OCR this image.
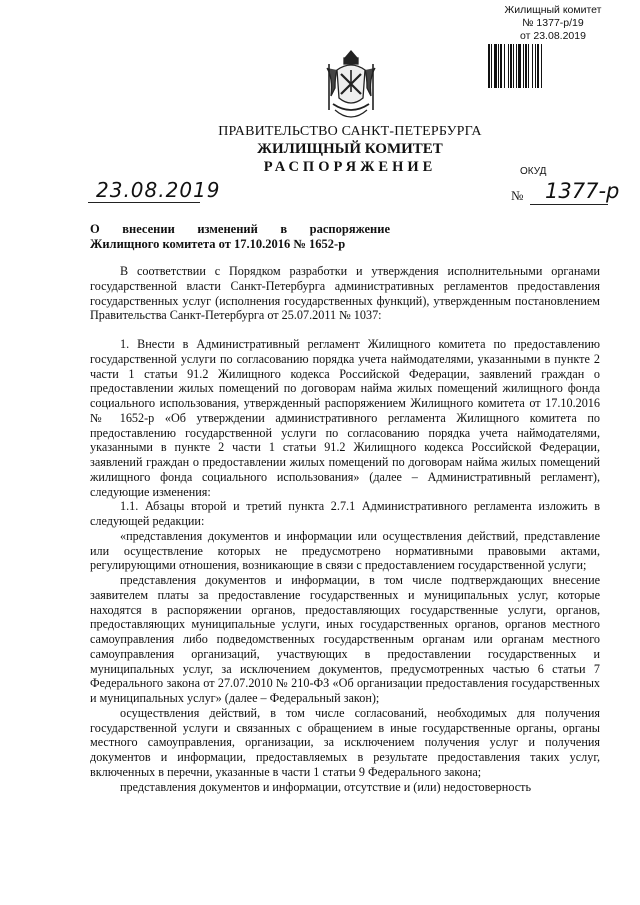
Жилищный комитет
№ 1377-р/19
от 23.08.2019
ПРАВИТЕЛЬСТВО САНКТ-ПЕТЕРБУРГА
ЖИЛИЩНЫЙ КОМИТЕТ
РАСПОРЯЖЕНИЕ	ОКУД
23.08.2019	№ 1377-р
О внесении изменений в распоряжение
Жилищного комитета от 17.10.2016 № 1652-р

В соответствии с Порядком разработки и утверждения исполнительными органами государственной власти Санкт-Петербурга административных регламентов предоставления государственных услуг (исполнения государственных функций), утвержденным постановлением Правительства Санкт-Петербурга от 25.07.2011 № 1037:

1. Внести в Административный регламент Жилищного комитета по предоставлению государственной услуги по согласованию порядка учета наймодателями, указанными в пункте 2 части 1 статьи 91.2 Жилищного кодекса Российской Федерации, заявлений граждан о предоставлении жилых помещений по договорам найма жилых помещений жилищного фонда социального использования, утвержденный распоряжением Жилищного комитета от 17.10.2016 № 1652-р «Об утверждении административного регламента Жилищного комитета по предоставлению государственной услуги по согласованию порядка учета наймодателями, указанными в пункте 2 части 1 статьи 91.2 Жилищного кодекса Российской Федерации, заявлений граждан о предоставлении жилых помещений по договорам найма жилых помещений жилищного фонда социального использования» (далее – Административный регламент), следующие изменения:

1.1. Абзацы второй и третий пункта 2.7.1 Административного регламента изложить в следующей редакции:

«представления документов и информации или осуществления действий, представление или осуществление которых не предусмотрено нормативными правовыми актами, регулирующими отношения, возникающие в связи с предоставлением государственной услуги;

представления документов и информации, в том числе подтверждающих внесение заявителем платы за предоставление государственных и муниципальных услуг, которые находятся в распоряжении органов, предоставляющих государственные услуги, органов, предоставляющих муниципальные услуги, иных государственных органов, органов местного самоуправления либо подведомственных государственным органам или органам местного самоуправления организаций, участвующих в предоставлении государственных и муниципальных услуг, за исключением документов, предусмотренных частью 6 статьи 7 Федерального закона от 27.07.2010 № 210-ФЗ «Об организации предоставления государственных и муниципальных услуг» (далее – Федеральный закон);

осуществления действий, в том числе согласований, необходимых для получения государственной услуги и связанных с обращением в иные государственные органы, органы местного самоуправления, организации, за исключением получения услуг и получения документов и информации, предоставляемых в результате предоставления таких услуг, включенных в перечни, указанные в части 1 статьи 9 Федерального закона;

представления документов и информации, отсутствие и (или) недостоверность
